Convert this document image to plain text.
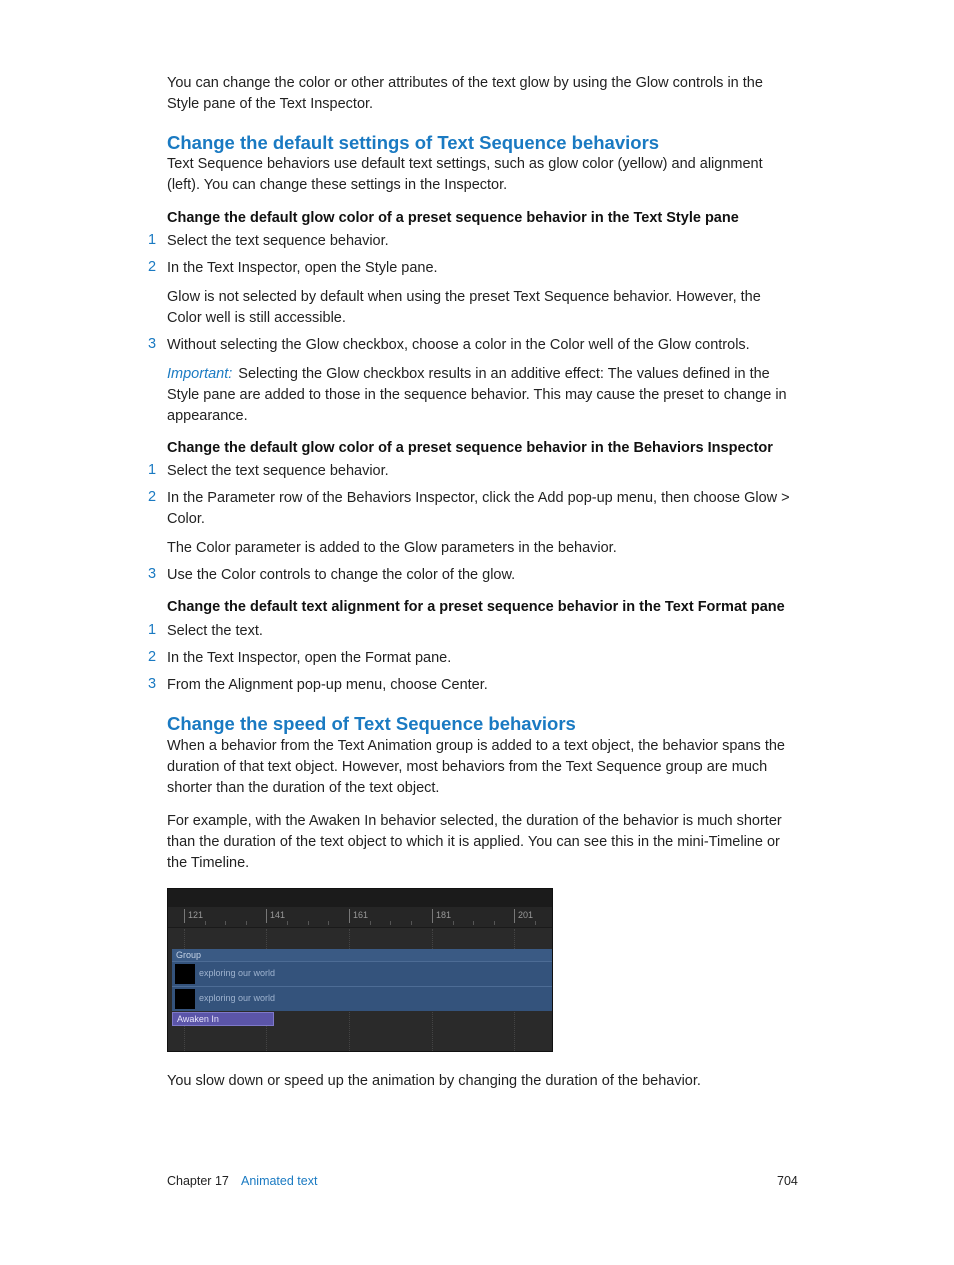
You can change the color or other attributes of the text glow by using the Glow controls in the Style pane of the Text Inspector.

Change the default settings of Text Sequence behaviors

Text Sequence behaviors use default text settings, such as glow color (yellow) and alignment (left). You can change these settings in the Inspector.

Change the default glow color of a preset sequence behavior in the Text Style pane

1 Select the text sequence behavior.

2 In the Text Inspector, open the Style pane.

Glow is not selected by default when using the preset Text Sequence behavior. However, the Color well is still accessible.

3 Without selecting the Glow checkbox, choose a color in the Color well of the Glow controls.

Important: Selecting the Glow checkbox results in an additive effect: The values defined in the Style pane are added to those in the sequence behavior. This may cause the preset to change in appearance.

Change the default glow color of a preset sequence behavior in the Behaviors Inspector

1 Select the text sequence behavior.

2 In the Parameter row of the Behaviors Inspector, click the Add pop-up menu, then choose Glow > Color.

The Color parameter is added to the Glow parameters in the behavior.

3 Use the Color controls to change the color of the glow.

Change the default text alignment for a preset sequence behavior in the Text Format pane

1 Select the text.

2 In the Text Inspector, open the Format pane.

3 From the Alignment pop-up menu, choose Center.

Change the speed of Text Sequence behaviors

When a behavior from the Text Animation group is added to a text object, the behavior spans the duration of that text object. However, most behaviors from the Text Sequence group are much shorter than the duration of the text object.

For example, with the Awaken In behavior selected, the duration of the behavior is much shorter than the duration of the text object to which it is applied. You can see this in the mini-Timeline or the Timeline.

121	141	161	181	201
Group
exploring our world
exploring our world
Awaken In

You slow down or speed up the animation by changing the duration of the behavior.

Chapter 17 Animated text	704
